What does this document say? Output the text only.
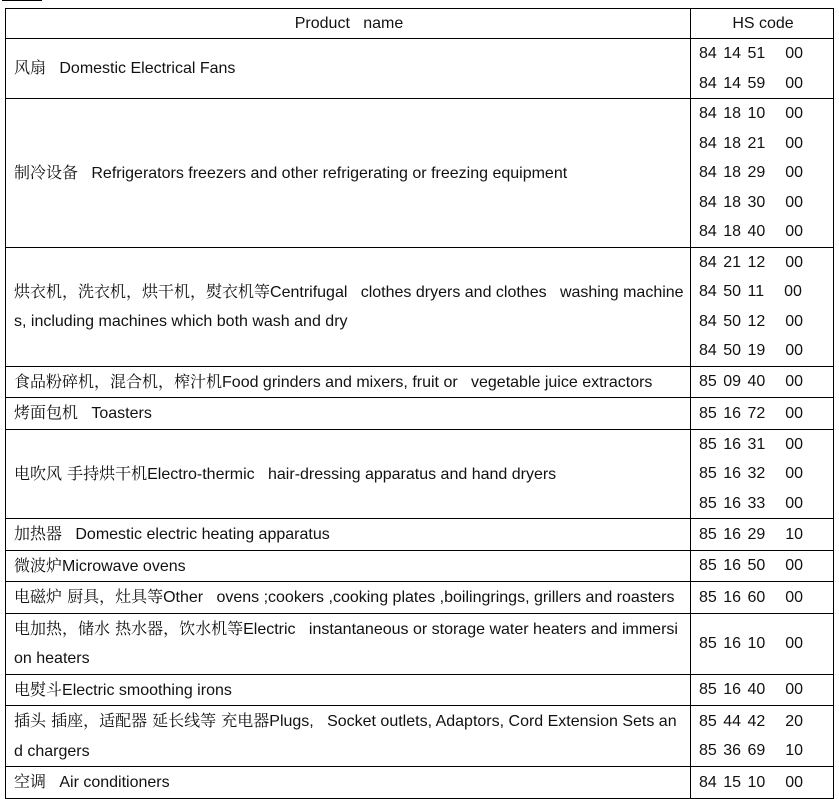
Product   name	HS code
风扇 Domestic Electrical Fans	84 14 51 00
84 14 59 00

制冷设备 Refrigerators freezers and other refrigerating or freezing equipment	84 18 10 00
84 18 21 00
84 18 29 00
84 18 30 00
84 18 40 00

烘衣机，洗衣机，烘干机，熨衣机等Centrifugal   clothes dryers and clothes   washing machines, including machines which both wash and dry	84 21 12 00
84 50 11 00
84 50 12 00
84 50 19 00

食品粉碎机，混合机，榨汁机Food grinders and mixers, fruit or   vegetable juice extractors	85 09 40 00

烤面包机 Toasters	85 16 72 00

电吹风 手持烘干机Electro-thermic   hair-dressing apparatus and hand dryers	85 16 31 00
85 16 32 00
85 16 33 00

加热器 Domestic electric heating apparatus	85 16 29 10

微波炉Microwave ovens	85 16 50 00

电磁炉 厨具，灶具等Other   ovens ;cookers ,cooking plates ,boilingrings, grillers and roasters	85 16 60 00

电加热，储水 热水器，饮水机等Electric   instantaneous or storage water heaters and immersion heaters	85 16 10 00

电熨斗Electric smoothing irons	85 16 40 00

插头 插座，适配器 延长线等 充电器Plugs,   Socket outlets, Adaptors, Cord Extension Sets and chargers	85 44 42 20
85 36 69 10

空调 Air conditioners	84 15 10 00
